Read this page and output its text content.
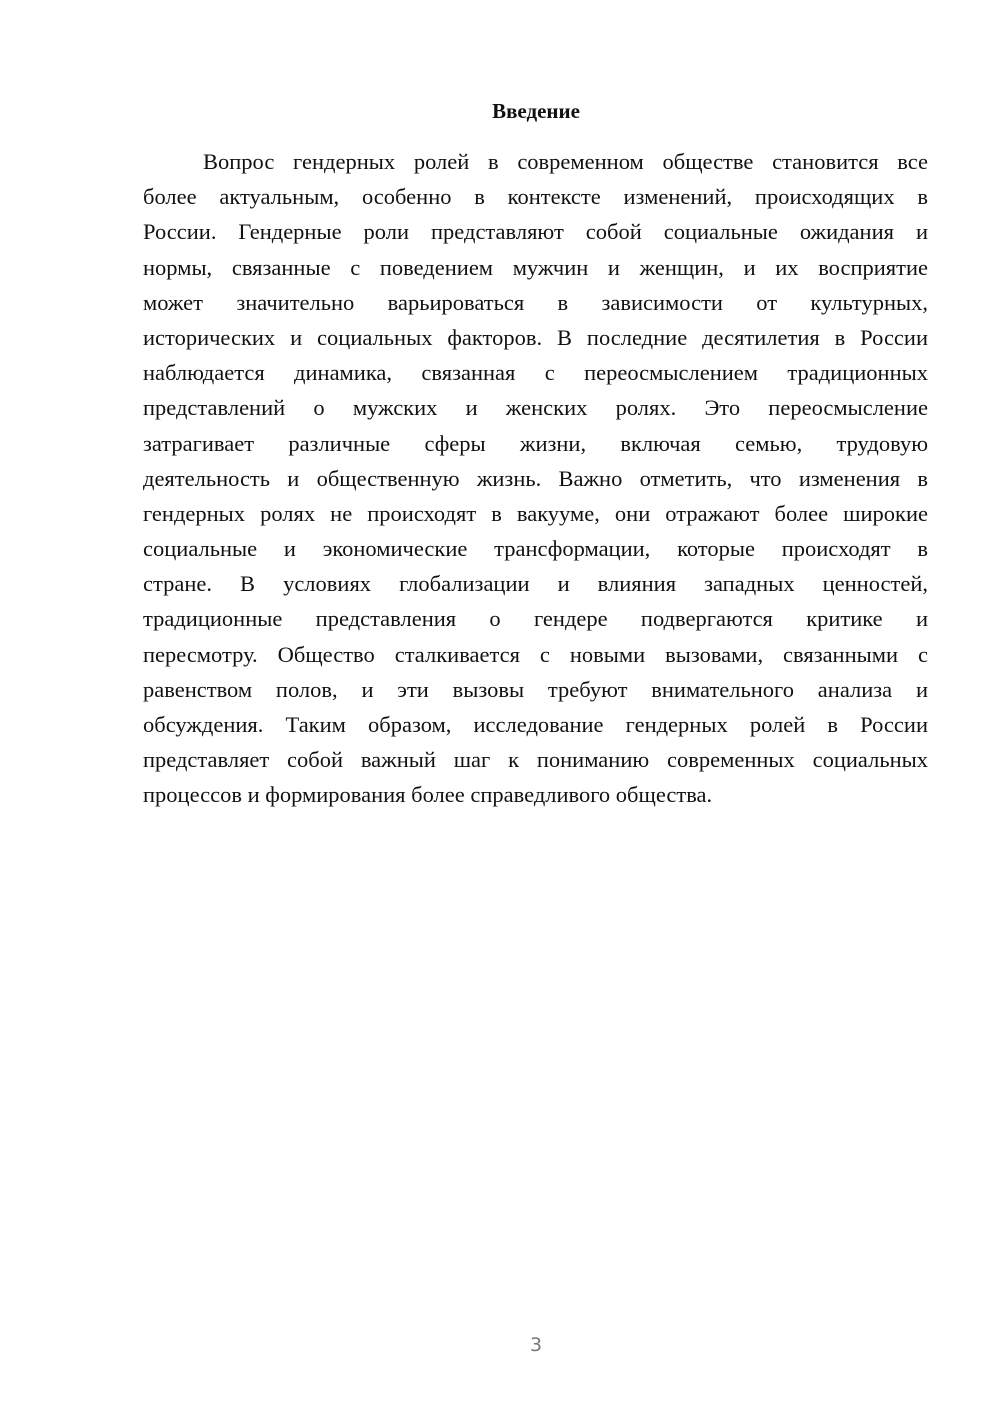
Введение
Вопрос гендерных ролей в современном обществе становится все
более актуальным, особенно в контексте изменений, происходящих в
России. Гендерные роли представляют собой социальные ожидания и
нормы, связанные с поведением мужчин и женщин, и их восприятие
может значительно варьироваться в зависимости от культурных,
исторических и социальных факторов. В последние десятилетия в России
наблюдается динамика, связанная с переосмыслением традиционных
представлений о мужских и женских ролях. Это переосмысление
затрагивает различные сферы жизни, включая семью, трудовую
деятельность и общественную жизнь. Важно отметить, что изменения в
гендерных ролях не происходят в вакууме, они отражают более широкие
социальные и экономические трансформации, которые происходят в
стране. В условиях глобализации и влияния западных ценностей,
традиционные представления о гендере подвергаются критике и
пересмотру. Общество сталкивается с новыми вызовами, связанными с
равенством полов, и эти вызовы требуют внимательного анализа и
обсуждения. Таким образом, исследование гендерных ролей в России
представляет собой важный шаг к пониманию современных социальных
процессов и формирования более справедливого общества.
3
